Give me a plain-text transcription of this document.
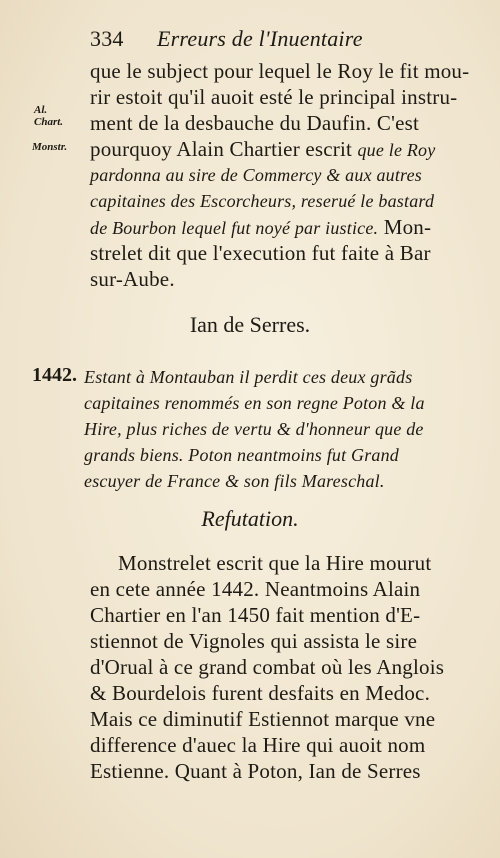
334 Erreurs de l'Inuentaire
Al. Chart.
Monstr.
que le subject pour lequel le Roy le fit mou-
rir estoit qu'il auoit esté le principal instru-
ment de la desbauche du Daufin. C'est
pourquoy Alain Chartier escrit que le Roy
pardonna au sire de Commercy & aux autres
capitaines des Escorcheurs, reserué le bastard
de Bourbon lequel fut noyé par iustice. Mon-
strelet dit que l'execution fut faite à Bar
sur-Aube.
Ian de Serres.
1442. Estant à Montauban il perdit ces deux grãds
capitaines renommés en son regne Poton & la
Hire, plus riches de vertu & d'honneur que de
grands biens. Poton neantmoins fut Grand
escuyer de France & son fils Mareschal.
Refutation.
Monstrelet escrit que la Hire mourut
en cete année 1442. Neantmoins Alain
Chartier en l'an 1450 fait mention d'E-
stiennot de Vignoles qui assista le sire
d'Orual à ce grand combat où les Anglois
& Bourdelois furent desfaits en Medoc.
Mais ce diminutif Estiennot marque vne
difference d'auec la Hire qui auoit nom
Estienne. Quant à Poton, Ian de Serres
